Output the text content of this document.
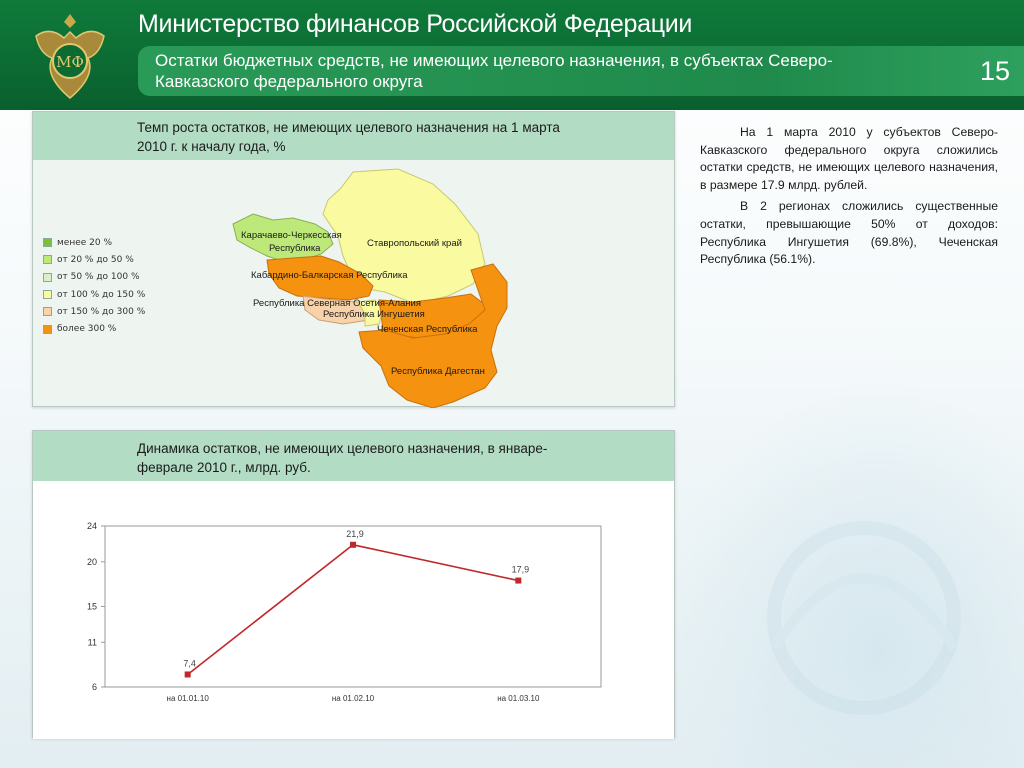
МФ
Министерство финансов Российской Федерации
Остатки бюджетных средств, не имеющих целевого назначения, в субъектах Северо-Кавказского федерального округа	15
Темп роста остатков, не имеющих целевого назначения на 1 марта 2010 г. к началу года, %
менее 20 %
от 20 % до 50 %
от 50 % до 100 %
от 100 % до 150 %
от 150 % до 300 %
более 300 %
Карачаево-Черкесская
Республика	Ставропольский край
Кабардино-Балкарская Республика
Республика Северная Осетия-Алания
Республика Ингушетия
Чеченская Республика
Республика Дагестан
Динамика остатков, не имеющих целевого назначения, в январе-феврале 2010 г., млрд. руб.
6
11
15
20
24
на 01.01.10	на 01.02.10	на 01.03.10
7,4
21,9
17,9

На 1 марта 2010 у субъектов Северо-Кавказского федерального округа сложились остатки средств, не имеющих целевого назначения, в размере 17.9 млрд. рублей.

В 2 регионах сложились существенные остатки, превышающие 50% от доходов: Республика Ингушетия (69.8%), Чеченская Республика (56.1%).
